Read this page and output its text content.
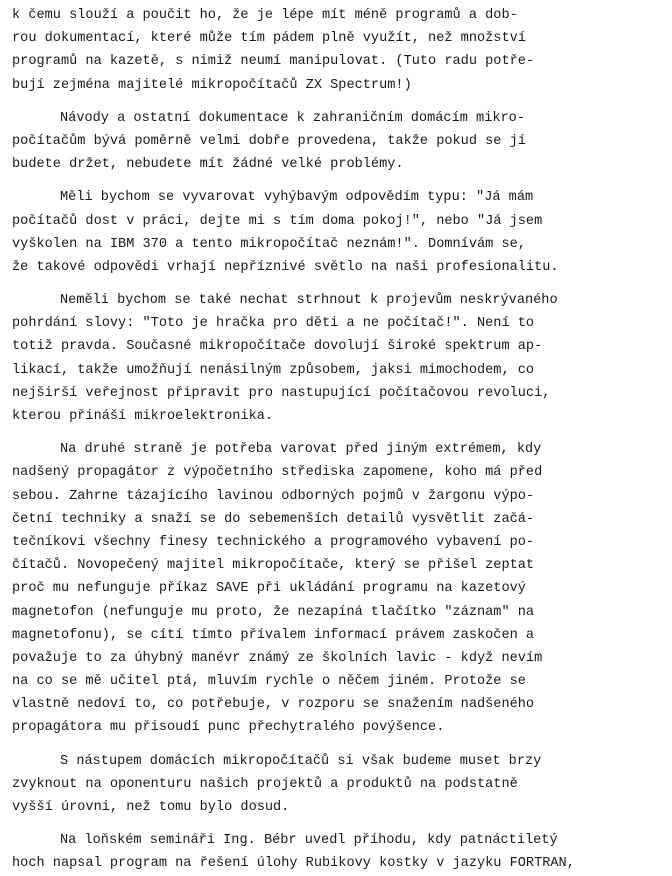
k čemu slouží a poučit ho, že je lépe mít méně programů a dob-
rou dokumentací, které může tím pádem plně využít, než množství
programů na kazetě, s nimiž neumí manipulovat. (Tuto radu potře-
bují zejména majitelé mikropočítačů ZX Spectrum!)
Návody a ostatní dokumentace k zahraničním domácím mikro-
počítačům bývá poměrně velmi dobře provedena, takže pokud se jí
budete držet, nebudete mít žádné velké problémy.
Měli bychom se vyvarovat vyhýbavým odpovědím typu: "Já mám
počítačů dost v práci, dejte mi s tím doma pokoj!", nebo "Já jsem
vyškolen na IBM 370 a tento mikropočítač neznám!". Domnívám se,
že takové odpovědi vrhají nepříznivé světlo na naši profesionalitu.
Neměli bychom se také nechat strhnout k projevům neskrývaného
pohrdání slovy: "Toto je hračka pro děti a ne počítač!". Není to
totiž pravda. Současné mikropočítače dovolují široké spektrum ap-
likací, takže umožňují nenásilným způsobem, jaksi mimochodem, co
nejširší veřejnost připravit pro nastupující počítačovou revoluci,
kterou přináší mikroelektronika.
Na druhé straně je potřeba varovat před jiným extrémem, kdy
nadšený propagátor z výpočetního střediska zapomene, koho má před
sebou. Zahrne tázajícího lavinou odborných pojmů v žargonu výpo-
četní techniky a snaží se do sebemenších detailů vysvětlit začá-
tečníkovi všechny finesy technického a programového vybavení po-
čítačů. Novopečený majitel mikropočítače, který se přišel zeptat
proč mu nefunguje příkaz SAVE při ukládání programu na kazetový
magnetofon (nefunguje mu proto, že nezapíná tlačítko "záznam" na
magnetofonu), se cítí tímto přívalem informací právem zaskočen a
považuje to za úhybný manévr známý ze školních lavic - když nevím
na co se mě učitel ptá, mluvím rychle o něčem jiném. Protože se
vlastně nedoví to, co potřebuje, v rozporu se snažením nadšeného
propagátora mu přisoudí punc přechytralého povýšence.
S nástupem domácích mikropočítačů si však budeme muset brzy
zvyknout na oponenturu našich projektů a produktů na podstatně
vyšší úrovni, než tomu bylo dosud.
Na loňském semináři Ing. Bébr uvedl příhodu, kdy patnáctiletý
hoch napsal program na řešení úlohy Rubikovy kostky v jazyku FORTRAN,
